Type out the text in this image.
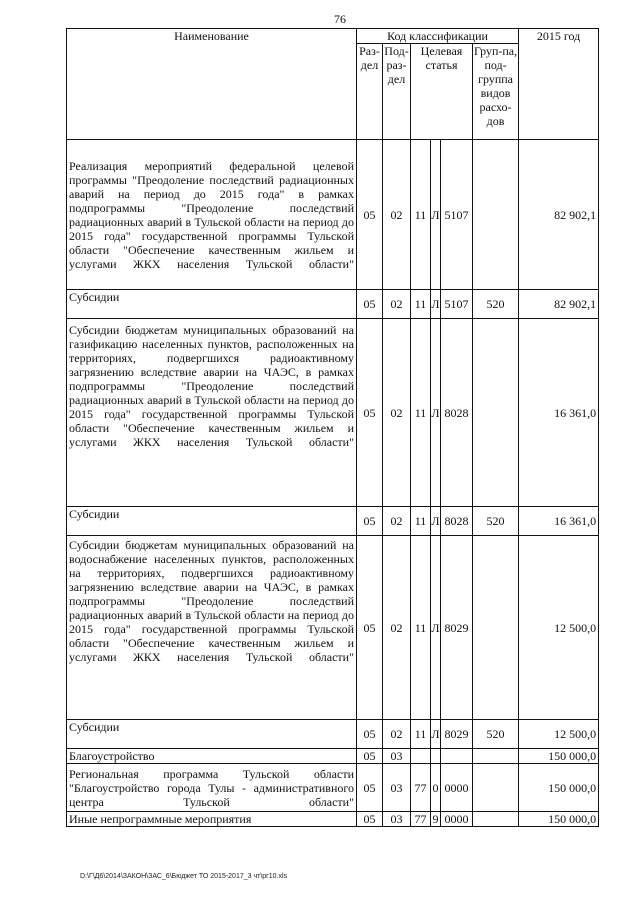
76
Наименование	Код классификации						2015 год
	Раз-дел	Под-раз-дел	Целевая статья			Груп-па, под-группа видов расхо-дов	
Реализация мероприятий федеральной целевой программы "Преодоление последствий радиационных аварий на период до 2015 года" в рамках подпрограммы "Преодоление последствий радиационных аварий в Тульской области на период до 2015 года" государственной программы Тульской области "Обеспечение качественным жильем и услугами ЖКХ населения Тульской области"	05	02	11	Л	5107		82 902,1
Субсидии	05	02	11	Л	5107	520	82 902,1
Субсидии бюджетам муниципальных образований на газификацию населенных пунктов, расположенных на территориях, подвергшихся радиоактивному загрязнению вследствие аварии на ЧАЭС, в рамках подпрограммы "Преодоление последствий радиационных аварий в Тульской области на период до 2015 года" государственной программы Тульской области "Обеспечение качественным жильем и услугами ЖКХ населения Тульской области"	05	02	11	Л	8028		16 361,0
Субсидии	05	02	11	Л	8028	520	16 361,0
Субсидии бюджетам муниципальных образований на водоснабжение населенных пунктов, расположенных на территориях, подвергшихся радиоактивному загрязнению вследствие аварии на ЧАЭС, в рамках подпрограммы "Преодоление последствий радиационных аварий в Тульской области на период до 2015 года" государственной программы Тульской области "Обеспечение качественным жильем и услугами ЖКХ населения Тульской области"	05	02	11	Л	8029		12 500,0
Субсидии	05	02	11	Л	8029	520	12 500,0
Благоустройство	05	03					150 000,0
Региональная программа Тульской области "Благоустройство города Тулы - административного центра Тульской области"	05	03	77	0	0000		150 000,0
Иные непрограммные мероприятия	05	03	77	9	0000		150 000,0
D:\Г\Д6\2014\ЗАКОН\ЗАС_6\Бюджет ТО 2015-2017_3 чт\рг10.xls
